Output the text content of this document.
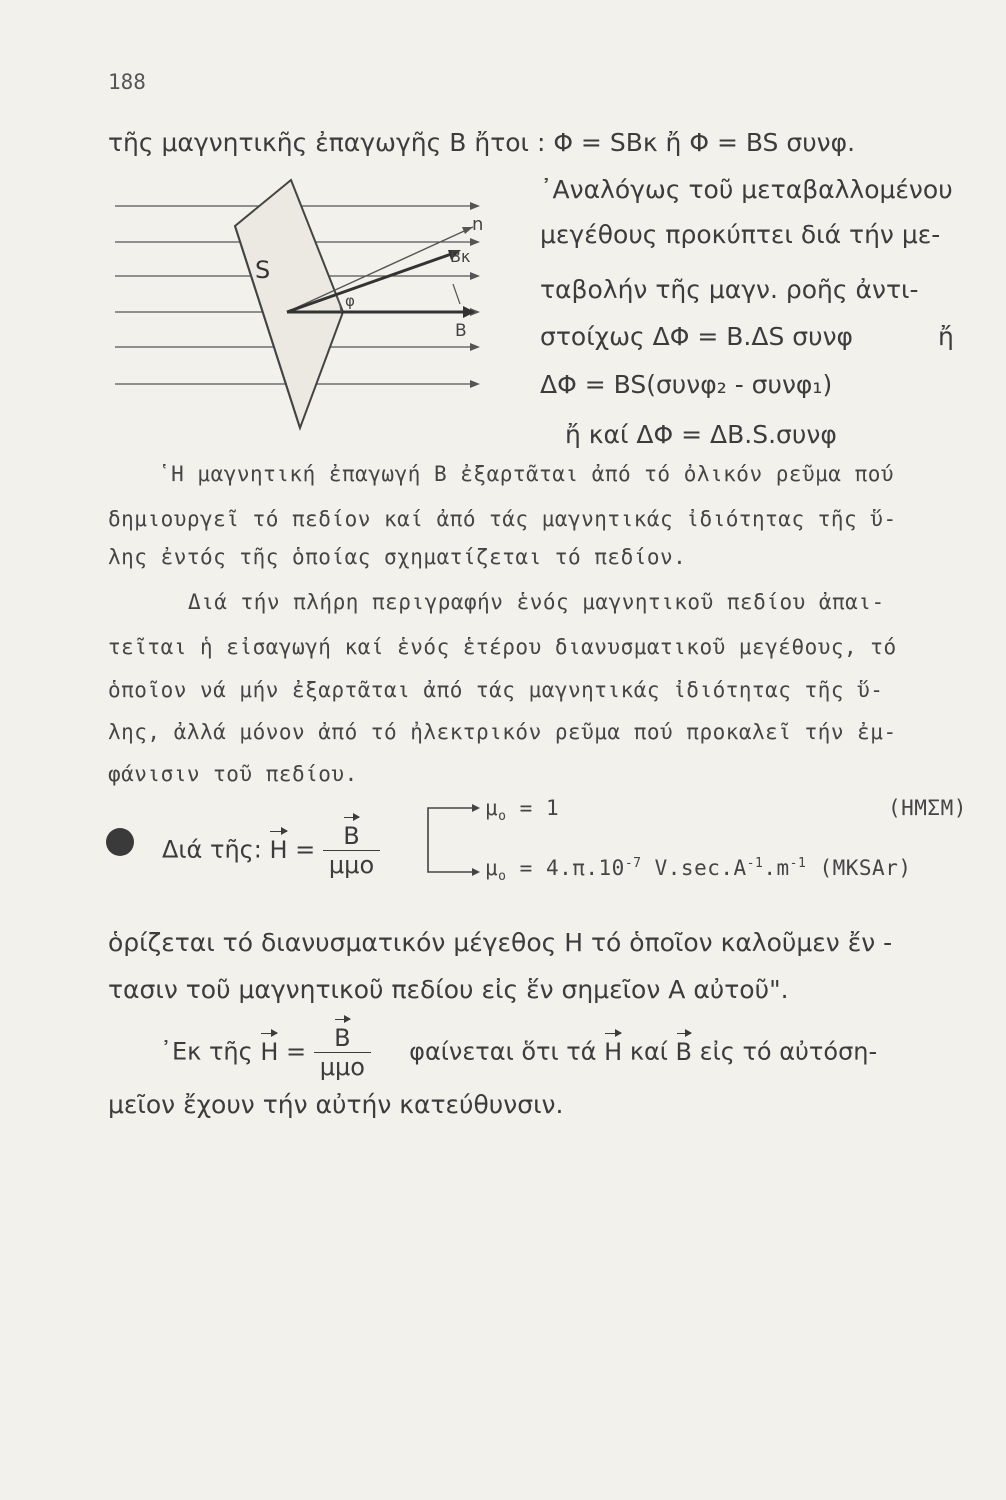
188
τῆς μαγνητικῆς ἐπαγωγῆς Β ἤτοι : Φ = SBκ ἤ Φ = BS συνφ.
S
n
Bκ
φ
B
᾽Αναλόγως τοῦ μεταβαλλομένου
μεγέθους προκύπτει διά τήν με-
ταβολήν τῆς μαγν. ροῆς ἀντι-
στοίχως ΔΦ = Β.ΔS συνφ	ἤ
ΔΦ = BS(συνφ₂ - συνφ₁)
ἤ καί ΔΦ = ΔΒ.S.συνφ
῾Η μαγνητική ἐπαγωγή Β ἐξαρτᾶται ἀπό τό ὀλικόν ρεῦμα πού
δημιουργεῖ τό πεδίον καί ἀπό τάς μαγνητικάς ἰδιότητας τῆς ὕ-
λης ἐντός τῆς ὁποίας σχηματίζεται τό πεδίον.
Διά τήν πλήρη περιγραφήν ἑνός μαγνητικοῦ πεδίου ἀπαι-
τεῖται ἡ εἰσαγωγή καί ἑνός ἑτέρου διανυσματικοῦ μεγέθους, τό
ὁποῖον νά μήν ἐξαρτᾶται ἀπό τάς μαγνητικάς ἰδιότητας τῆς ὕ-
λης, ἀλλά μόνον ἀπό τό ἠλεκτρικόν ρεῦμα πού προκαλεῖ τήν ἐμ-
φάνισιν τοῦ πεδίου.
Διά τῆς: $H = \frac{B}{\text{μμο}}$
$\mu_o = 1$	(ΗΜΣΜ)
$\mu_o = 4.\pi.10^{-7}$ $V.\sec.A^{-1}.m^{-1}$ (MKSAr)
ὁρίζεται τό διανυσματικόν μέγεθος Η τό ὁποῖον καλοῦμεν ἔν -
τασιν τοῦ μαγνητικοῦ πεδίου εἰς ἕν σημεῖον Α αὐτοῦ".
᾽Εκ τῆς $H = \frac{B}{\text{μμο}}$ φαίνεται ὅτι τά H καί B εἰς τό αὐτόση-
μεῖον ἔχουν τήν αὐτήν κατεύθυνσιν.
